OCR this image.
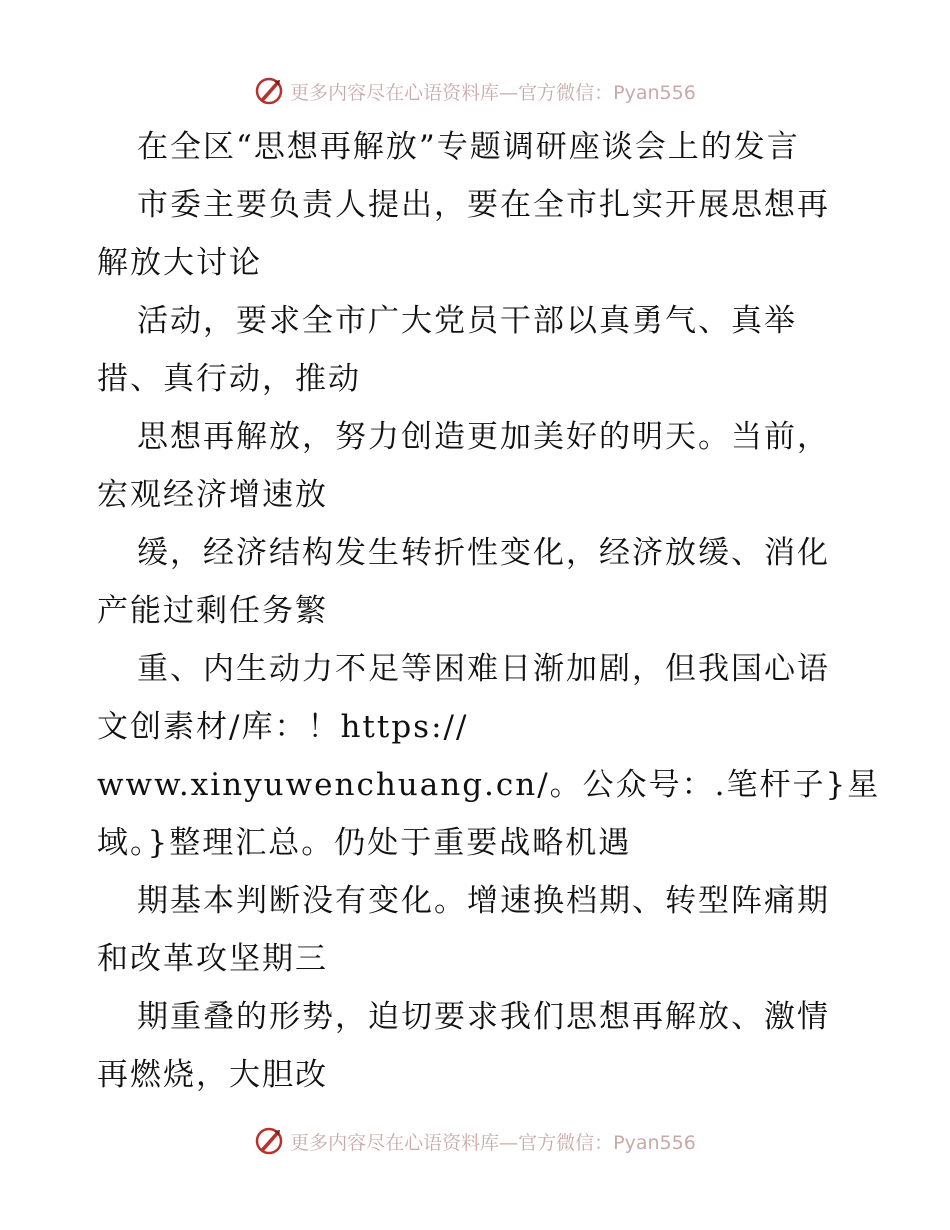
更多内容尽在心语资料库— 官方微信：Pyan556
在全区“思想再解放”专题调研座谈会上的发言
市委主要负责人提出，要在全市扎实开展思想再
解放大讨论
活动，要求全市广大党员干部以真勇气、真举
措、真行动，推动
思想再解放，努力创造更加美好的明天。当前，
宏观经济增速放
缓，经济结构发生转折性变化，经济放缓、消化
产能过剩任务繁
重、内生动力不足等困难日渐加剧，但我国心语
文创素材/库：！https://
www.xinyuwenchuang.cn/。公众号：.笔杆子}星
域。}整理汇总。仍处于重要战略机遇
期基本判断没有变化。增速换档期、转型阵痛期
和改革攻坚期三
期重叠的形势，迫切要求我们思想再解放、激情
再燃烧，大胆改
更多内容尽在心语资料库— 官方微信：Pyan556
